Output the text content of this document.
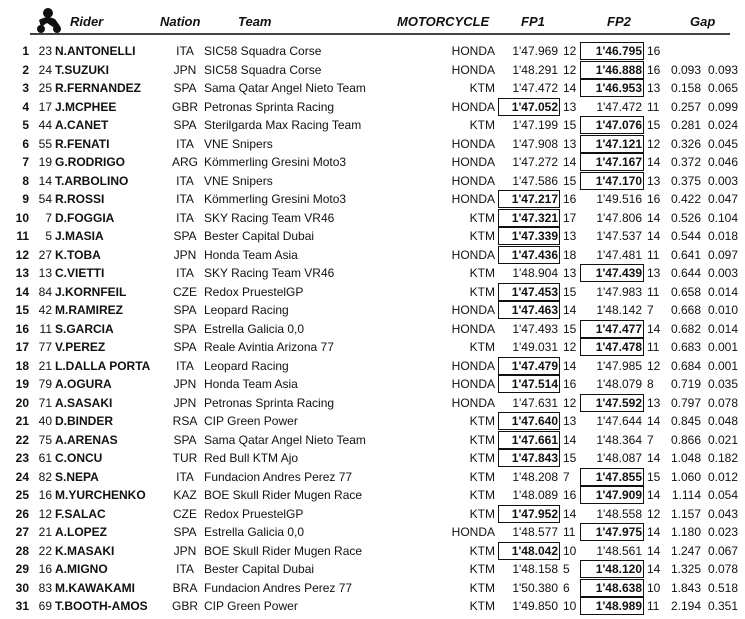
Rider	Nation	Team	MOTORCYCLE FP1	FP2	Gap
1 23 N.ANTONELLI	ITA SIC58 Squadra Corse	HONDA	1'47.969 12	1'46.795 16
2 24 T.SUZUKI	JPN SIC58 Squadra Corse	HONDA	1'48.291 12	1'46.888 16 0.093 0.093
3 25 R.FERNANDEZ	SPA Sama Qatar Angel Nieto Team	KTM	1'47.472 14	1'46.953 13 0.158 0.065
4 17 J.MCPHEE	GBR Petronas Sprinta Racing	HONDA	1'47.052 13	1'47.472 11 0.257 0.099
5 44 A.CANET	SPA Sterilgarda Max Racing Team	KTM	1'47.199 15	1'47.076 15 0.281 0.024
6 55 R.FENATI	ITA VNE Snipers	HONDA	1'47.908 13	1'47.121 12 0.326 0.045
7 19 G.RODRIGO	ARG Kömmerling Gresini Moto3	HONDA	1'47.272 14	1'47.167 14 0.372 0.046
8 14 T.ARBOLINO	ITA VNE Snipers	HONDA	1'47.586 15	1'47.170 13 0.375 0.003
9 54 R.ROSSI	ITA Kömmerling Gresini Moto3	HONDA	1'47.217 16	1'49.516 16 0.422 0.047
10	7 D.FOGGIA	ITA SKY Racing Team VR46	KTM	1'47.321 17	1'47.806 14 0.526 0.104
11	5 J.MASIA	SPA Bester Capital Dubai	KTM	1'47.339 13	1'47.537 14 0.544 0.018
12 27 K.TOBA	JPN Honda Team Asia	HONDA	1'47.436 18	1'47.481 11 0.641 0.097
13 13 C.VIETTI	ITA SKY Racing Team VR46	KTM	1'48.904 13	1'47.439 13 0.644 0.003
14 84 J.KORNFEIL	CZE Redox PruestelGP	KTM	1'47.453 15	1'47.983 11 0.658 0.014
15 42 M.RAMIREZ	SPA Leopard Racing	HONDA	1'47.463 14	1'48.142 7	0.668 0.010
16 11 S.GARCIA	SPA Estrella Galicia 0,0	HONDA	1'47.493 15	1'47.477 14 0.682 0.014
17 77 V.PEREZ	SPA Reale Avintia Arizona 77	KTM	1'49.031 12	1'47.478 11 0.683 0.001
18 21 L.DALLA PORTA	ITA Leopard Racing	HONDA	1'47.479 14	1'47.985 12 0.684 0.001
19 79 A.OGURA	JPN Honda Team Asia	HONDA	1'47.514 16	1'48.079 8	0.719 0.035
20 71 A.SASAKI	JPN Petronas Sprinta Racing	HONDA	1'47.631 12	1'47.592 13 0.797 0.078
21 40 D.BINDER	RSA CIP Green Power	KTM	1'47.640 13	1'47.644 14 0.845 0.048
22 75 A.ARENAS	SPA Sama Qatar Angel Nieto Team	KTM	1'47.661 14	1'48.364 7	0.866 0.021
23 61 C.ONCU	TUR Red Bull KTM Ajo	KTM	1'47.843 15	1'48.087 14 1.048 0.182
24 82 S.NEPA	ITA Fundacion Andres Perez 77	KTM	1'48.208 7	1'47.855 15 1.060 0.012
25 16 M.YURCHENKO KAZ BOE Skull Rider Mugen Race	KTM	1'48.089 16	1'47.909 14 1.114 0.054
26 12 F.SALAC	CZE Redox PruestelGP	KTM	1'47.952 14	1'48.558 12 1.157 0.043
27 21 A.LOPEZ	SPA Estrella Galicia 0,0	HONDA	1'48.577 11	1'47.975 14 1.180 0.023
28 22 K.MASAKI	JPN BOE Skull Rider Mugen Race	KTM	1'48.042 10	1'48.561 14 1.247 0.067
29 16 A.MIGNO	ITA Bester Capital Dubai	KTM	1'48.158 5	1'48.120 14 1.325 0.078
30 83 M.KAWAKAMI	BRA Fundacion Andres Perez 77	KTM	1'50.380 6	1'48.638 10 1.843 0.518
31 69 T.BOOTH-AMOS GBR CIP Green Power	KTM	1'49.850 10	1'48.989 11 2.194 0.351
